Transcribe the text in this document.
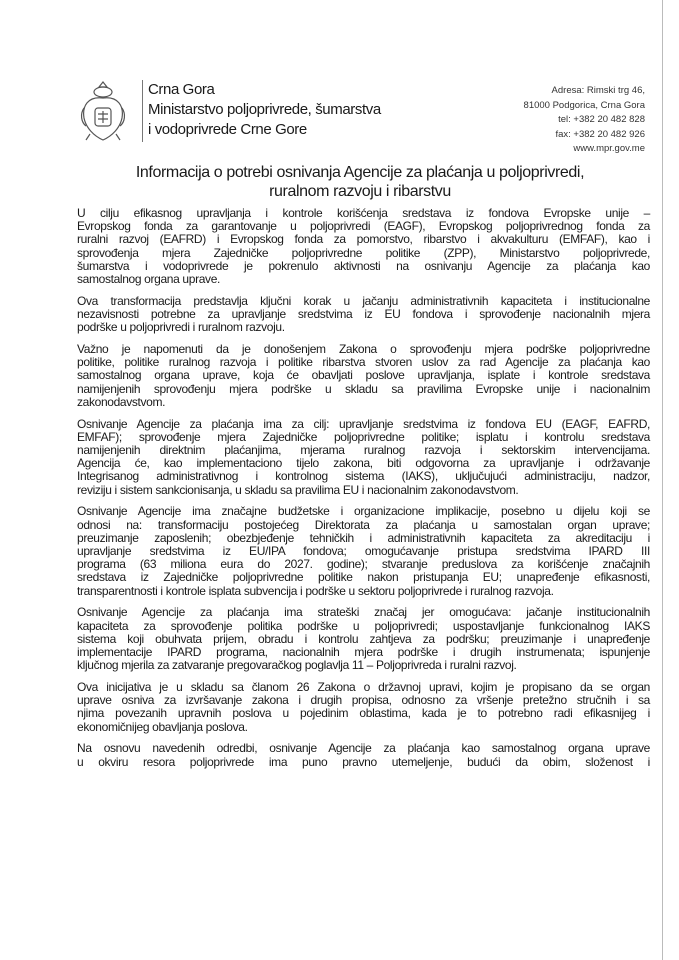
Crna Gora
Ministarstvo poljoprivrede, šumarstva
i vodoprivrede Crne Gore
Adresa: Rimski trg 46,
81000 Podgorica, Crna Gora
tel: +382 20 482 828
fax: +382 20 482 926
www.mpr.gov.me
Informacija o potrebi osnivanja Agencije za plaćanja u poljoprivredi,
ruralnom razvoju i ribarstvu
U cilju efikasnog upravljanja i kontrole korišćenja sredstava iz fondova Evropske unije –
Evropskog fonda za garantovanje u poljoprivredi (EAGF), Evropskog poljoprivrednog fonda za
ruralni razvoj (EAFRD) i Evropskog fonda za pomorstvo, ribarstvo i akvakulturu (EMFAF), kao i
sprovođenja mjera Zajedničke poljoprivredne politike (ZPP), Ministarstvo poljoprivrede,
šumarstva i vodoprivrede je pokrenulo aktivnosti na osnivanju Agencije za plaćanja kao
samostalnog organa uprave.
Ova transformacija predstavlja ključni korak u jačanju administrativnih kapaciteta i institucionalne
nezavisnosti potrebne za upravljanje sredstvima iz EU fondova i sprovođenje nacionalnih mjera
podrške u poljoprivredi i ruralnom razvoju.
Važno je napomenuti da je donošenjem Zakona o sprovođenju mjera podrške poljoprivredne
politike, politike ruralnog razvoja i politike ribarstva stvoren uslov za rad Agencije za plaćanja kao
samostalnog organa uprave, koja će obavljati poslove upravljanja, isplate i kontrole sredstava
namijenjenih sprovođenju mjera podrške u skladu sa pravilima Evropske unije i nacionalnim
zakonodavstvom.
Osnivanje Agencije za plaćanja ima za cilj: upravljanje sredstvima iz fondova EU (EAGF, EAFRD,
EMFAF); sprovođenje mjera Zajedničke poljoprivredne politike; isplatu i kontrolu sredstava
namijenjenih direktnim plaćanjima, mjerama ruralnog razvoja i sektorskim intervencijama.
Agencija će, kao implementaciono tijelo zakona, biti odgovorna za upravljanje i održavanje
Integrisanog administrativnog i kontrolnog sistema (IAKS), uključujući administraciju, nadzor,
reviziju i sistem sankcionisanja, u skladu sa pravilima EU i nacionalnim zakonodavstvom.
Osnivanje Agencije ima značajne budžetske i organizacione implikacije, posebno u dijelu koji se
odnosi na: transformaciju postojećeg Direktorata za plaćanja u samostalan organ uprave;
preuzimanje zaposlenih; obezbjeđenje tehničkih i administrativnih kapaciteta za akreditaciju i
upravljanje sredstvima iz EU/IPA fondova; omogućavanje pristupa sredstvima IPARD III
programa (63 miliona eura do 2027. godine); stvaranje preduslova za korišćenje značajnih
sredstava iz Zajedničke poljoprivredne politike nakon pristupanja EU; unapređenje efikasnosti,
transparentnosti i kontrole isplata subvencija i podrške u sektoru poljoprivrede i ruralnog razvoja.
Osnivanje Agencije za plaćanja ima strateški značaj jer omogućava: jačanje institucionalnih
kapaciteta za sprovođenje politika podrške u poljoprivredi; uspostavljanje funkcionalnog IAKS
sistema koji obuhvata prijem, obradu i kontrolu zahtjeva za podršku; preuzimanje i unapređenje
implementacije IPARD programa, nacionalnih mjera podrške i drugih instrumenata; ispunjenje
ključnog mjerila za zatvaranje pregovaračkog poglavlja 11 – Poljoprivreda i ruralni razvoj.
Ova inicijativa je u skladu sa članom 26 Zakona o državnoj upravi, kojim je propisano da se organ
uprave osniva za izvršavanje zakona i drugih propisa, odnosno za vršenje pretežno stručnih i sa
njima povezanih upravnih poslova u pojedinim oblastima, kada je to potrebno radi efikasnijeg i
ekonomičnijeg obavljanja poslova.
Na osnovu navedenih odredbi, osnivanje Agencije za plaćanja kao samostalnog organa uprave
u okviru resora poljoprivrede ima puno pravno utemeljenje, budući da obim, složenost i
